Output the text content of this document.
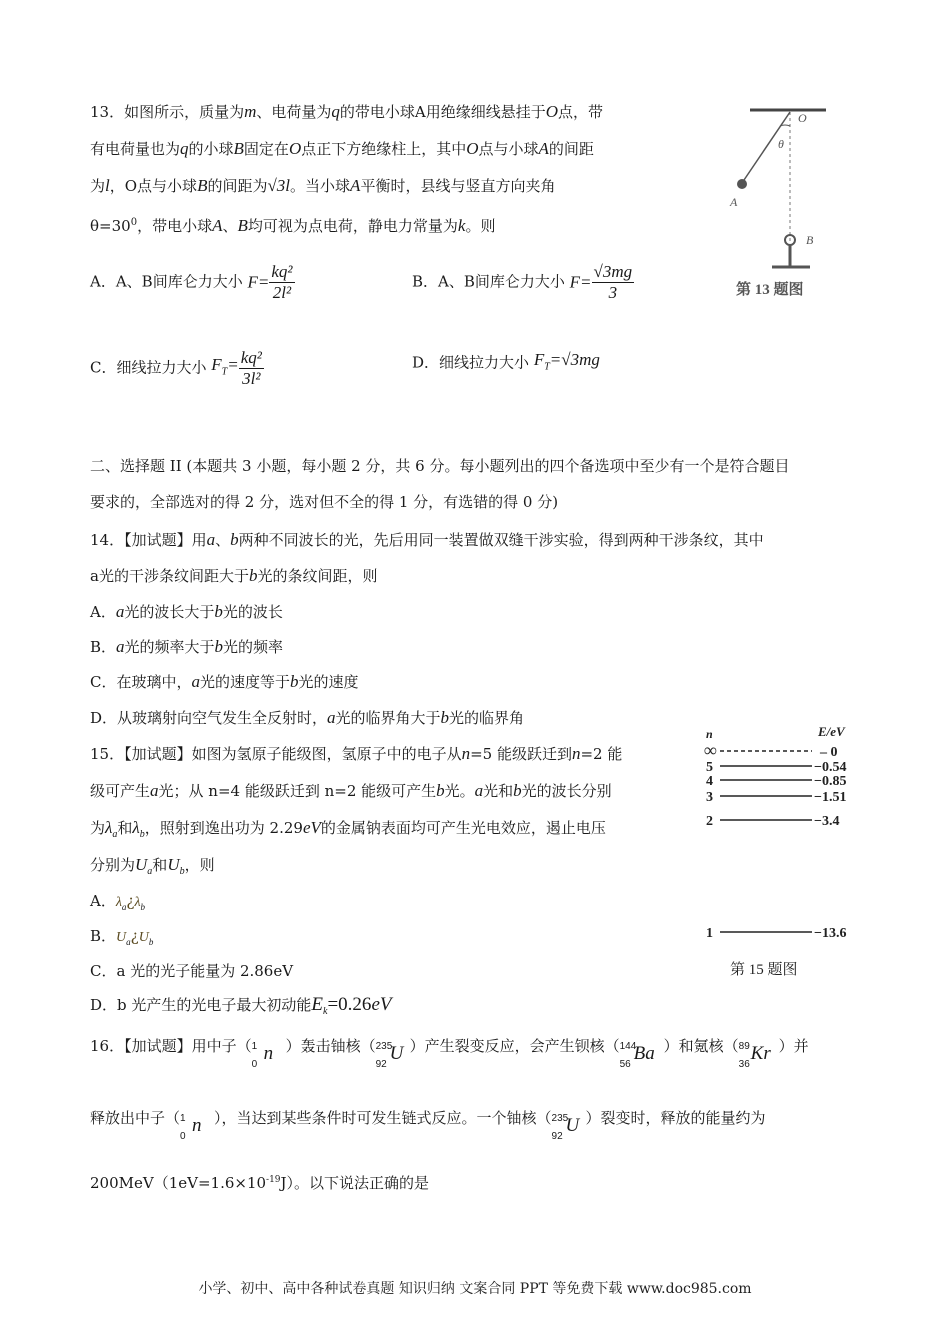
13．如图所示，质量为m、电荷量为q的带电小球A用绝缘细线悬挂于O点，带
有电荷量也为q的小球B固定在O点正下方绝缘柱上，其中O点与小球A的间距
为l，O点与小球B的间距为√3l。当小球A平衡时，县线与竖直方向夹角
$\theta=30^0$，带电小球A、B均可视为点电荷，静电力常量为k。则
A．A、B间库仑力大小 $F= \frac{\text{kq²}}{\text{2l²}}$	B．A、B间库仑力大小 $F= \frac{√3mg}{3}$
C．细线拉力大小 $F_T= \frac{\text{kq²}}{\text{3l²}}$	D．细线拉力大小 $F_T=√3mg$
O
θ
A
B
第 13 题图
二、选择题 II (本题共 3 小题，每小题 2 分，共 6 分。每小题列出的四个备选项中至少有一个是符合题目
要求的，全部选对的得 2 分，选对但不全的得 1 分，有选错的得 0 分)
14．【加试题】用a、b两种不同波长的光，先后用同一装置做双缝干涉实验，得到两种干涉条纹，其中
a光的干涉条纹间距大于b光的条纹间距，则
A．a光的波长大于b光的波长
B．a光的频率大于b光的频率
C．在玻璃中，a光的速度等于b光的速度
D．从玻璃射向空气发生全反射时，a光的临界角大于b光的临界角
15．【加试题】如图为氢原子能级图，氢原子中的电子从n=5 能级跃迁到n=2 能
级可产生a光；从 n=4 能级跃迁到 n=2 能级可产生b光。a光和b光的波长分别
为$\lambda_a$和$\lambda_b$，照射到逸出功为 2.29eV的金属钠表面均可产生光电效应，遏止电压
分别为$U_a$和$U_b$，则
A．$\lambda_a¿\lambda_b$
B．$U_a¿U_b$
C．a 光的光子能量为 2.86eV
D．b 光产生的光电子最大初动能$E_k=0.26eV$
n	E/eV
∞	– 0
5	−0.54
4	−0.85
3	−1.51
2	−3.4
1	−13.6
第 15 题图
16．【加试题】用中子（ 1
0
n ）轰击铀核（ 235
92
U ）产生裂变反应，会产生钡核（ 144
56
Ba ）和氪核（ 89
36
Kr ）并
释放出中子（ 1
0
n ），当达到某些条件时可发生链式反应。一个铀核（ 235
92
U ）裂变时，释放的能量约为
$200MeV(1eV=1.6\times 10^{-19}J)$。以下说法正确的是
小学、初中、高中各种试卷真题 知识归纳 文案合同 PPT 等免费下载 www.doc985.com
